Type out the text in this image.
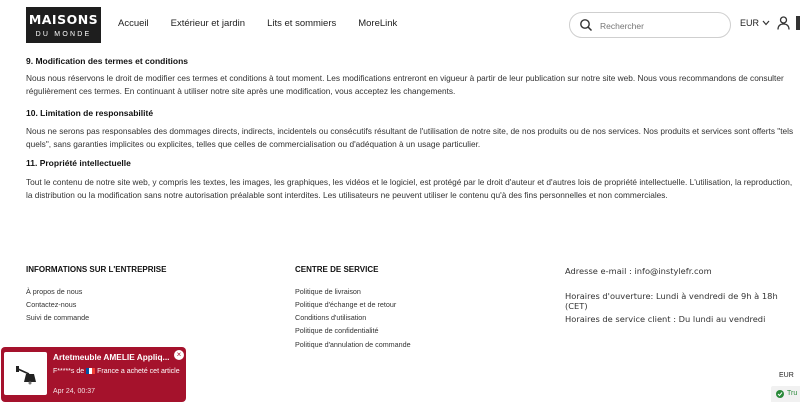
MAISONS
DU MONDE
Accueil Extérieur et jardin Lits et sommiers MoreLink
Rechercher	EUR
9. Modification des termes et conditions
Nous nous réservons le droit de modifier ces termes et conditions à tout moment. Les modifications entreront en vigueur à partir de leur publication sur notre site web. Nous vous recommandons de consulter régulièrement ces termes. En continuant à utiliser notre site après une modification, vous acceptez les changements.
10. Limitation de responsabilité
Nous ne serons pas responsables des dommages directs, indirects, incidentels ou consécutifs résultant de l'utilisation de notre site, de nos produits ou de nos services. Nos produits et services sont offerts "tels quels", sans garanties implicites ou explicites, telles que celles de commercialisation ou d'adéquation à un usage particulier.
11. Propriété intellectuelle
Tout le contenu de notre site web, y compris les textes, les images, les graphiques, les vidéos et le logiciel, est protégé par le droit d'auteur et d'autres lois de propriété intellectuelle. L'utilisation, la reproduction, la distribution ou la modification sans notre autorisation préalable sont interdites. Les utilisateurs ne peuvent utiliser le contenu qu'à des fins personnelles et non commerciales.
INFORMATIONS SUR L'ENTREPRISE
À propos de nous
Contactez-nous
Suivi de commande
CENTRE DE SERVICE
Politique de livraison
Politique d'échange et de retour
Conditions d'utilisation
Politique de confidentialité
Politique d'annulation de commande
Adresse e-mail : info@instylefr.com
Horaires d'ouverture: Lundi à vendredi de 9h à 18h (CET)
Horaires de service client : Du lundi au vendredi
Artetmeuble AMELIE Appliq... ×
F*****s de France a acheté cet article
Apr 24, 00:37
EUR
Tru
